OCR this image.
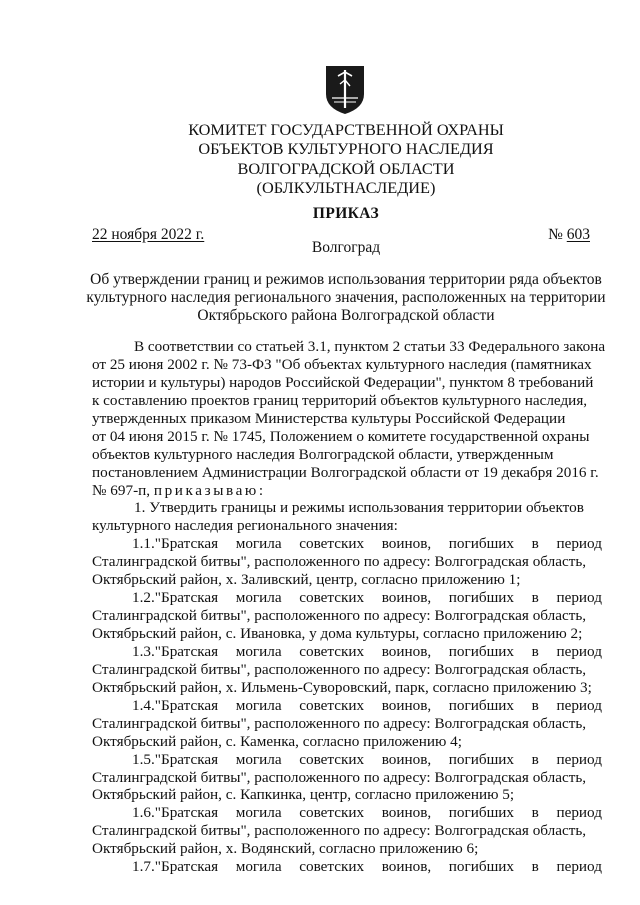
КОМИТЕТ ГОСУДАРСТВЕННОЙ ОХРАНЫ
ОБЪЕКТОВ КУЛЬТУРНОГО НАСЛЕДИЯ
ВОЛГОГРАДСКОЙ ОБЛАСТИ
(ОБЛКУЛЬТНАСЛЕДИЕ)
ПРИКАЗ
22 ноября 2022 г.	№ 603
Волгоград
Об утверждении границ и режимов использования территории ряда объектов
культурного наследия регионального значения, расположенных на территории
Октябрьского района Волгоградской области
В соответствии со статьей 3.1, пунктом 2 статьи 33 Федерального закона
от 25 июня 2002 г. № 73-ФЗ "Об объектах культурного наследия (памятниках
истории и культуры) народов Российской Федерации", пунктом 8 требований
к составлению проектов границ территорий объектов культурного наследия,
утвержденных приказом Министерства культуры Российской Федерации
от 04 июня 2015 г. № 1745, Положением о комитете государственной охраны
объектов культурного наследия Волгоградской области, утвержденным
постановлением Администрации Волгоградской области от 19 декабря 2016 г.
№ 697-п, приказываю:
1. Утвердить границы и режимы использования территории объектов
культурного наследия регионального значения:
1.1."Братская могила советских воинов, погибших в период
Сталинградской битвы", расположенного по адресу: Волгоградская область,
Октябрьский район, х. Заливский, центр, согласно приложению 1;
1.2."Братская могила советских воинов, погибших в период
Сталинградской битвы", расположенного по адресу: Волгоградская область,
Октябрьский район, с. Ивановка, у дома культуры, согласно приложению 2;
1.3."Братская могила советских воинов, погибших в период
Сталинградской битвы", расположенного по адресу: Волгоградская область,
Октябрьский район, х. Ильмень-Суворовский, парк, согласно приложению 3;
1.4."Братская могила советских воинов, погибших в период
Сталинградской битвы", расположенного по адресу: Волгоградская область,
Октябрьский район, с. Каменка, согласно приложению 4;
1.5."Братская могила советских воинов, погибших в период
Сталинградской битвы", расположенного по адресу: Волгоградская область,
Октябрьский район, с. Капкинка, центр, согласно приложению 5;
1.6."Братская могила советских воинов, погибших в период
Сталинградской битвы", расположенного по адресу: Волгоградская область,
Октябрьский район, х. Водянский, согласно приложению 6;
1.7."Братская могила советских воинов, погибших в период
